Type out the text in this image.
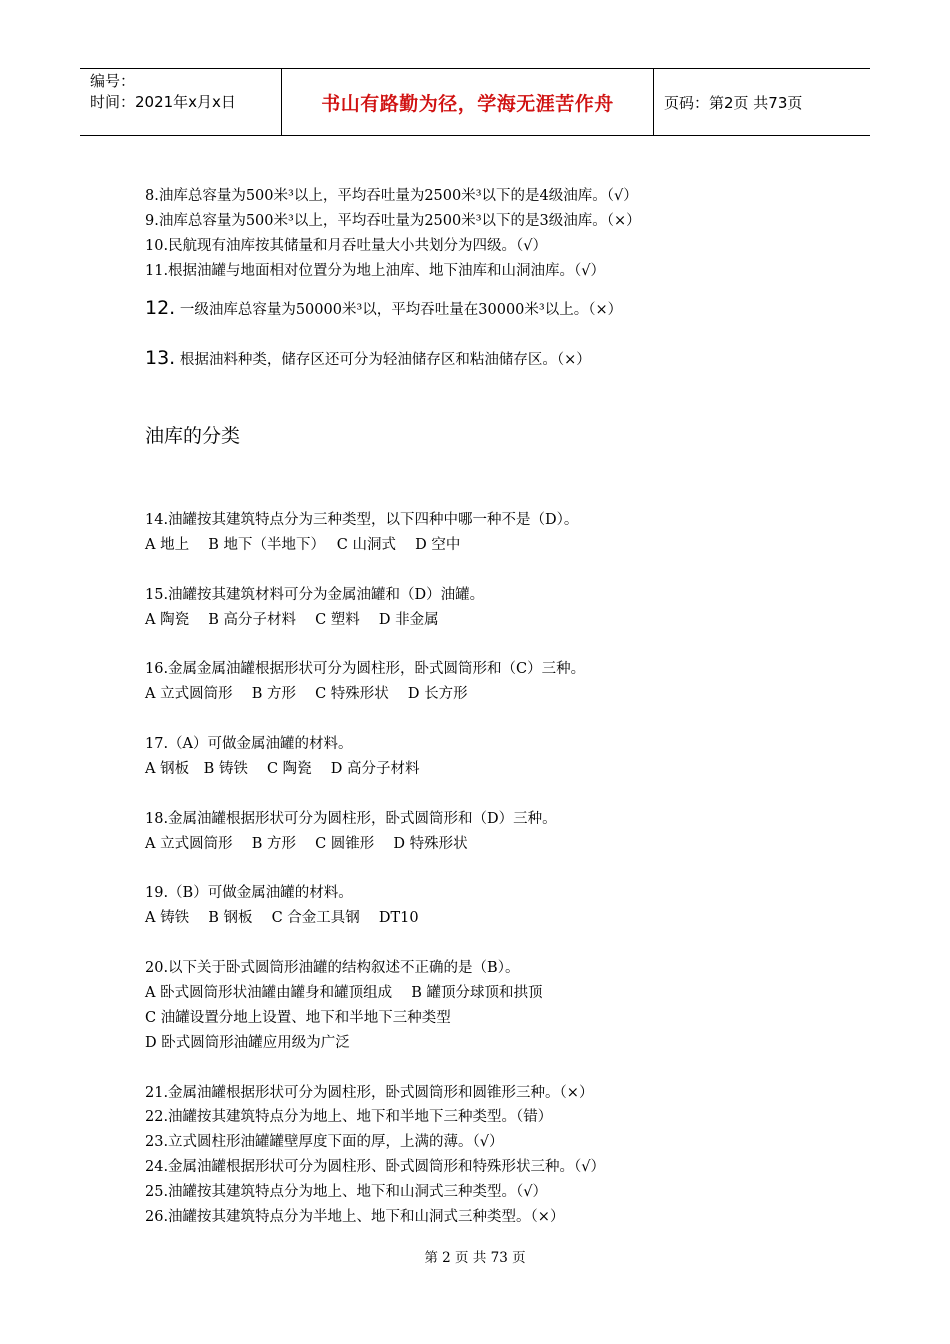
编号：
时间：2021年x月x日	书山有路勤为径，学海无涯苦作舟	页码：第2页 共73页
8.油库总容量为500米³以上，平均吞吐量为2500米³以下的是4级油库。（√）
9.油库总容量为500米³以上，平均吞吐量为2500米³以下的是3级油库。（×）
10.民航现有油库按其储量和月吞吐量大小共划分为四级。（√）
11.根据油罐与地面相对位置分为地上油库、地下油库和山洞油库。（√）
12. 一级油库总容量为50000米³以，平均吞吐量在30000米³以上。（×）
13. 根据油料种类，储存区还可分为轻油储存区和粘油储存区。（×）
油库的分类
14.油罐按其建筑特点分为三种类型，以下四种中哪一种不是（D）。
A 地上　 B 地下（半地下）　 C 山洞式　 D 空中
15.油罐按其建筑材料可分为金属油罐和（D）油罐。
A 陶瓷　 B 高分子材料　 C 塑料　 D 非金属
16.金属金属油罐根据形状可分为圆柱形，卧式圆筒形和（C）三种。
A 立式圆筒形　 B 方形　 C 特殊形状　 D 长方形
17.（A）可做金属油罐的材料。
A 钢板　B 铸铁　 C 陶瓷　 D 高分子材料
18.金属油罐根据形状可分为圆柱形，卧式圆筒形和（D）三种。
A 立式圆筒形　 B 方形　 C 圆锥形　 D 特殊形状
19.（B）可做金属油罐的材料。
A 铸铁　 B 钢板　 C 合金工具钢　 DT10
20.以下关于卧式圆筒形油罐的结构叙述不正确的是（B）。
A 卧式圆筒形状油罐由罐身和罐顶组成　 B 罐顶分球顶和拱顶
C 油罐设置分地上设置、地下和半地下三种类型
D 卧式圆筒形油罐应用级为广泛
21.金属油罐根据形状可分为圆柱形，卧式圆筒形和圆锥形三种。（×）
22.油罐按其建筑特点分为地上、地下和半地下三种类型。（错）
23.立式圆柱形油罐罐壁厚度下面的厚，上满的薄。（√）
24.金属油罐根据形状可分为圆柱形、卧式圆筒形和特殊形状三种。（√）
25.油罐按其建筑特点分为地上、地下和山洞式三种类型。（√）
26.油罐按其建筑特点分为半地上、地下和山洞式三种类型。（×）
第 2 页 共 73 页
